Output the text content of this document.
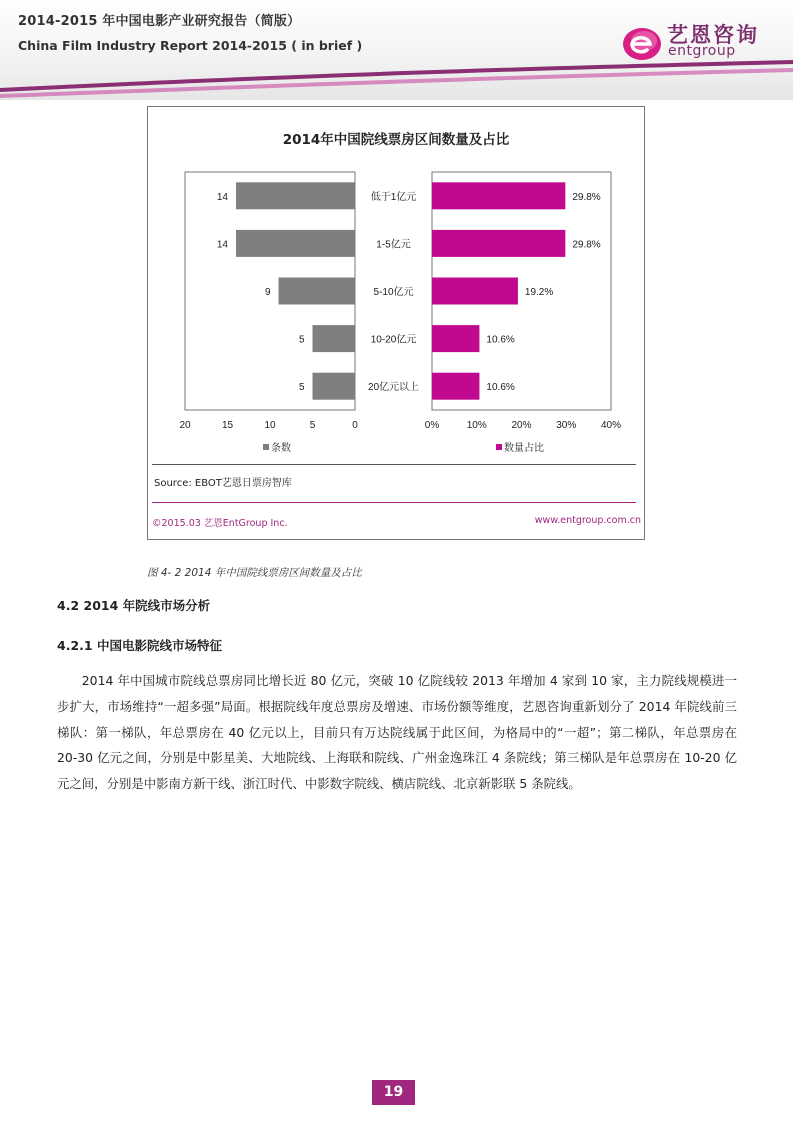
2014-2015 年中国电影产业研究报告（简版）
China Film Industry Report 2014-2015 ( in brief )	艺恩咨询
entgroup
2014年中国院线票房区间数量及占比
14	29.8%
低于1亿元
14	29.8%
1-5亿元
9	19.2%
5-10亿元
5	10.6%
10-20亿元
5	10.6%
20亿元以上
20	15	10	5	0	0%	10% 20% 30% 40%
条数	数量占比
Source: EBOT艺恩日票房智库
©2015.03 艺恩EntGroup Inc.	www.entgroup.com.cn
图 4- 2 2014 年中国院线票房区间数量及占比
4.2 2014 年院线市场分析
4.2.1 中国电影院线市场特征

2014 年中国城市院线总票房同比增长近 80 亿元，突破 10 亿院线较 2013 年增加 4 家到 10 家，主力院线规模进一步扩大，市场维持“一超多强”局面。根据院线年度总票房及增速、市场份额等维度，艺恩咨询重新划分了 2014 年院线前三梯队：第一梯队，年总票房在 40 亿元以上，目前只有万达院线属于此区间，为格局中的“一超”；第二梯队，年总票房在 20-30 亿元之间，分别是中影星美、大地院线、上海联和院线、广州金逸珠江 4 条院线；第三梯队是年总票房在 10-20 亿元之间，分别是中影南方新干线、浙江时代、中影数字院线、横店院线、北京新影联 5 条院线。

19
